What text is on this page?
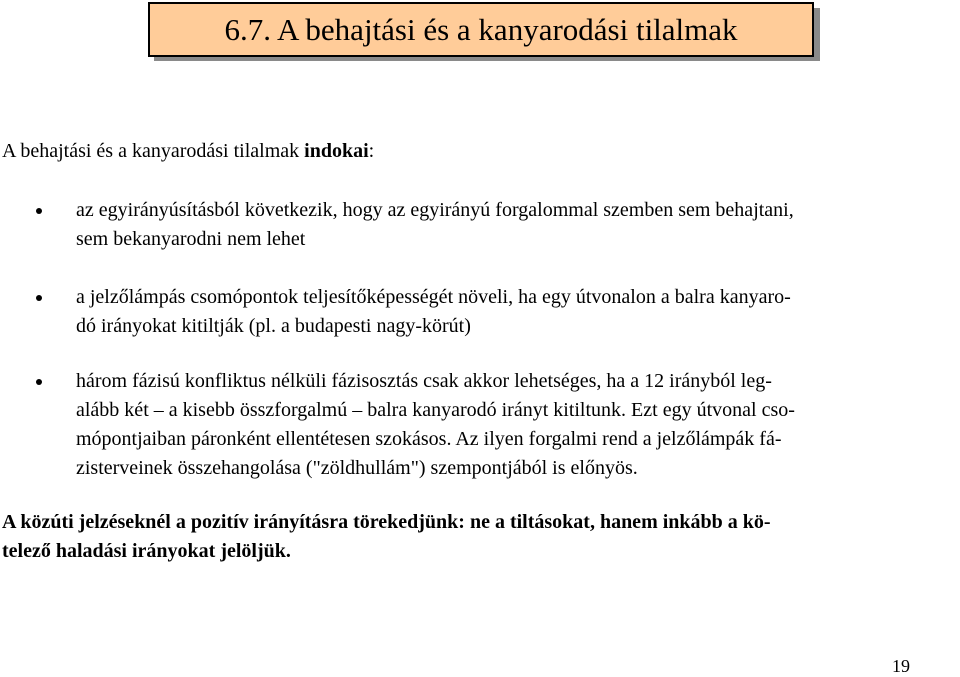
6.7. A behajtási és a kanyarodási tilalmak
A behajtási és a kanyarodási tilalmak indokai:
az egyirányúsításból következik, hogy az egyirányú forgalommal szemben sem behajtani,
sem bekanyarodni nem lehet
a jelzőlámpás csomópontok teljesítőképességét növeli, ha egy útvonalon a balra kanyaro-
dó irányokat kitiltják (pl. a budapesti nagy-körút)
három fázisú konfliktus nélküli fázisosztás csak akkor lehetséges, ha a 12 irányból leg-
alább két – a kisebb összforgalmú – balra kanyarodó irányt kitiltunk. Ezt egy útvonal cso-
mópontjaiban páronként ellentétesen szokásos. Az ilyen forgalmi rend a jelzőlámpák fá-
zisterveinek összehangolása ("zöldhullám") szempontjából is előnyös.
A közúti jelzéseknél a pozitív irányításra törekedjünk: ne a tiltásokat, hanem inkább a kö-
telező haladási irányokat jelöljük.
19
